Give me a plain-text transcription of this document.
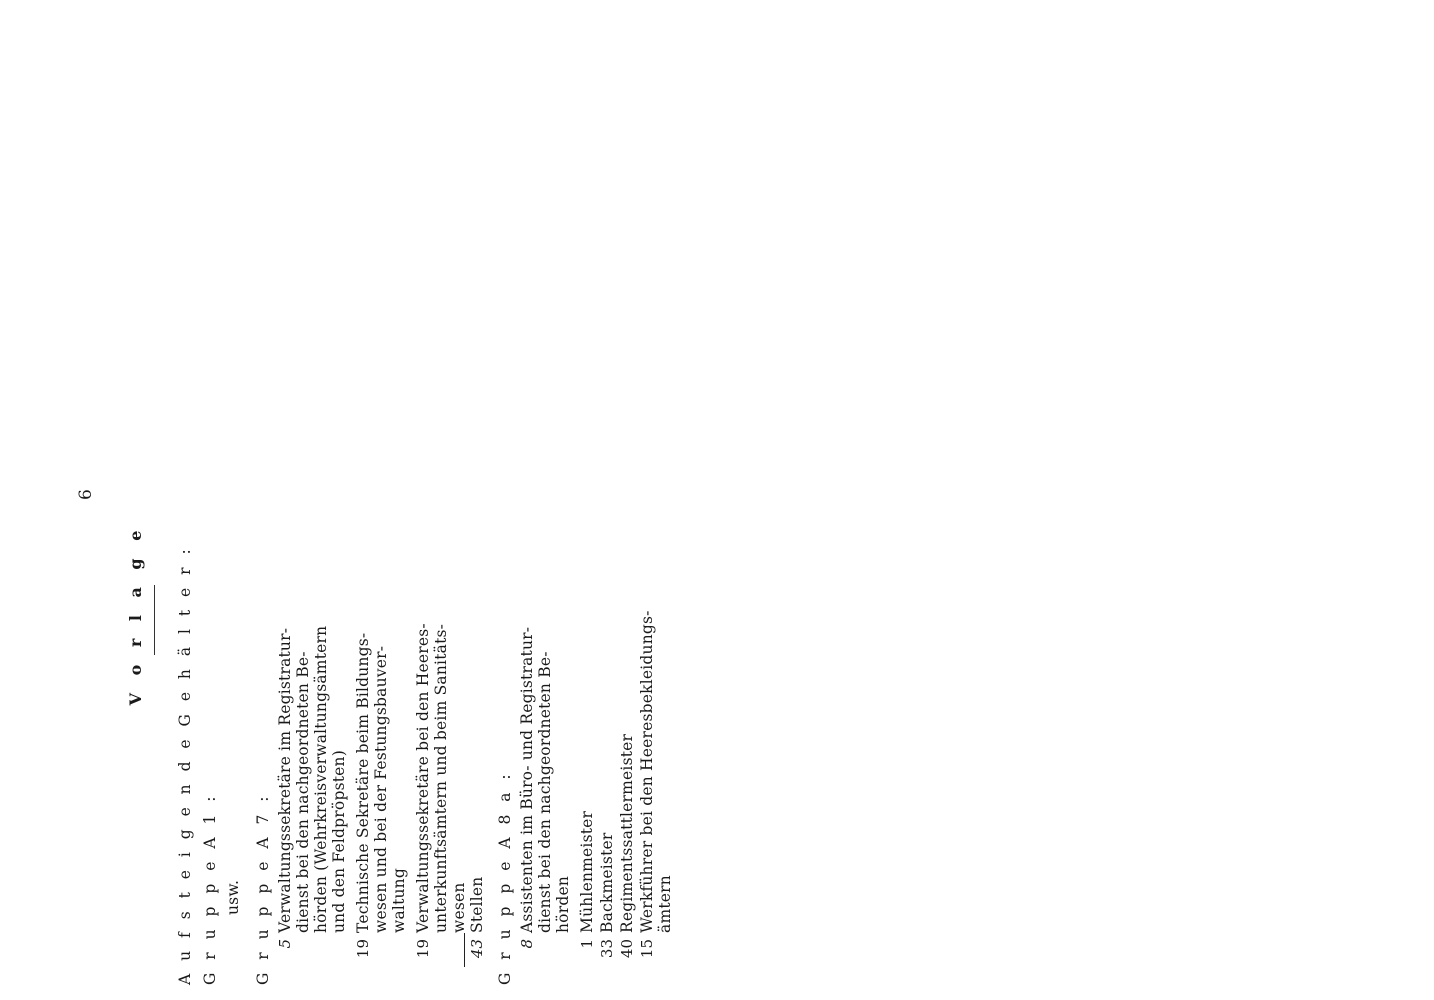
6
V o r l a g e A u f s t e i g e n d e G e h ä l t e r : G r u p p e A 1 : usw. G r u p p e A 7 : 5
Verwaltungssekretäre im Registratur- dienst bei den nachgeordneten Be- hörden (Wehrkreisverwaltungsämtern und den Feldpröpsten)
19
Technische Sekretäre beim Bildungs- wesen und bei der Festungsbauver- waltung
19
Verwaltungssekretäre bei den Heeres- unterkunftsämtern und beim Sanitäts- wesen
43
Stellen G r u p p e A 8 a : 8
Assistenten im Büro- und Registratur- dienst bei den nachgeordneten Be- hörden
1
Mühlenmeister
33
Backmeister
40
Regimentssattlermeister
15
Werkführer bei den Heeresbekleidungs- ämtern
